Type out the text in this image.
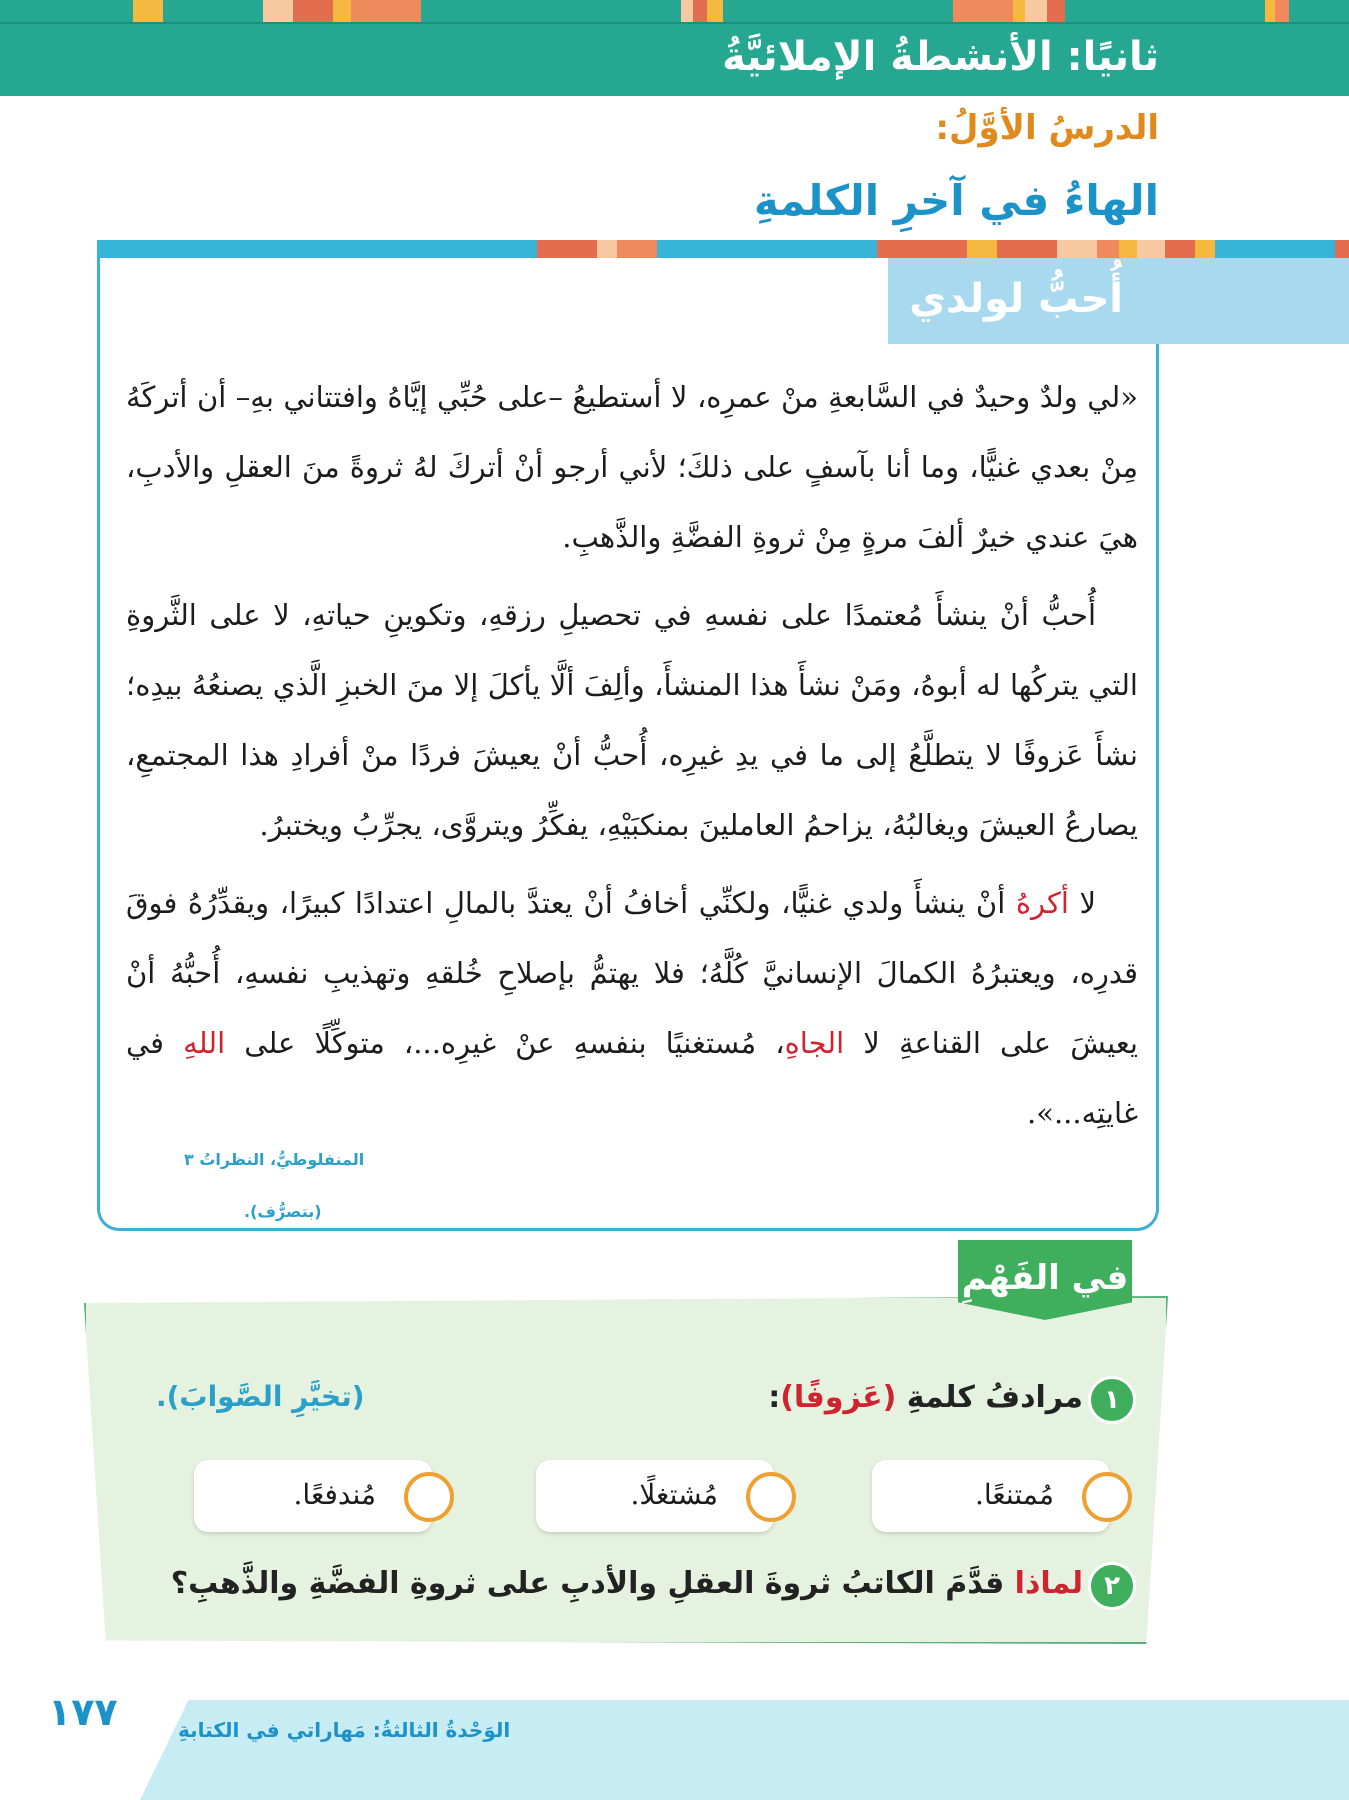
ثانيًا: الأنشطةُ الإملائيَّةُ
الدرسُ الأوَّلُ:
الهاءُ في آخرِ الكلمةِ
أُحبُّ لولدي

«لي ولدٌ وحيدٌ في السَّابعةِ منْ عمرِه، لا أستطيعُ –على حُبِّي إيَّاهُ وافتتاني بهِ– أن أتركَهُ مِنْ بعدي غنيًّا، وما أنا بآسفٍ على ذلكَ؛ لأني أرجو أنْ أتركَ لهُ ثروةً منَ العقلِ والأدبِ، هيَ عندي خيرٌ ألفَ مرةٍ مِنْ ثروةِ الفضَّةِ والذَّهبِ.

أُحبُّ أنْ ينشأَ مُعتمدًا على نفسهِ في تحصيلِ رزقهِ، وتكوينِ حياتهِ، لا على الثَّروةِ التي يتركُها له أبوهُ، ومَنْ نشأَ هذا المنشأَ، وألِفَ ألَّا يأكلَ إلا منَ الخبزِ الَّذي يصنعُهُ بيدِه؛ نشأَ عَزوفًا لا يتطلَّعُ إلى ما في يدِ غيرِه، أُحبُّ أنْ يعيشَ فردًا منْ أفرادِ هذا المجتمعِ، يصارعُ العيشَ ويغالبُهُ، يزاحمُ العاملينَ بمنكبَيْهِ، يفكِّرُ ويتروَّى، يجرِّبُ ويختبرُ.

لا أكرهُ أنْ ينشأَ ولدي غنيًّا، ولكنِّي أخافُ أنْ يعتدَّ بالمالِ اعتدادًا كبيرًا، ويقدِّرُهُ فوقَ قدرِه، ويعتبرُهُ الكمالَ الإنسانيَّ كُلَّهُ؛ فلا يهتمُّ بإصلاحِ خُلقهِ وتهذيبِ نفسهِ، أُحبُّهُ أنْ يعيشَ على القناعةِ لا الجاهِ، مُستغنيًا بنفسهِ عنْ غيرِه...، متوكِّلًا على اللهِ في غايتِه...».

المنفلوطيُّ، النظراتُ ٣
(بتصرُّف).
في الفَهْمِ
١
مرادفُ كلمةِ (عَزوفًا):
(تخيَّرِ الصَّوابَ).
مُمتنعًا.
مُشتغلًا.
مُندفعًا.
٢
لماذا قدَّمَ الكاتبُ ثروةَ العقلِ والأدبِ على ثروةِ الفضَّةِ والذَّهبِ؟
١٧٧	الوَحْدةُ الثالثةُ: مَهاراتي في الكتابةِ
